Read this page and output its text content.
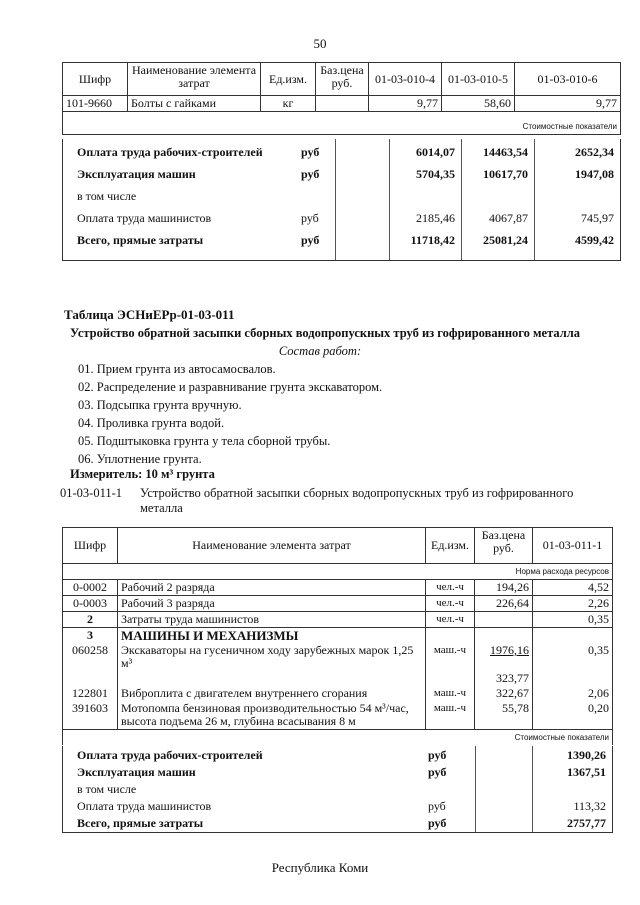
50
Шифр	Наименование элемента затрат	Ед.изм.	Баз.цена руб.	01-03-010-4	01-03-010-5	01-03-010-6
101-9660	Болты с гайками	кг		9,77	58,60	9,77
Стоимостные показатели						
Оплата труда рабочих-строителей	руб	6014,07 14463,54	2652,34
Эксплуатация машин	руб	5704,35 10617,70	1947,08
в том числе
Оплата труда машинистов	руб	2185,46	4067,87	745,97
Всего, прямые затраты	руб	11718,42 25081,24	4599,42
Таблица ЭСНиЕРр-01-03-011
Устройство обратной засыпки сборных водопропускных труб из гофрированного металла
Состав работ:
01. Прием грунта из автосамосвалов.
02. Распределение и разравнивание грунта экскаватором.
03. Подсыпка грунта вручную.
04. Проливка грунта водой.
05. Подштыковка грунта у тела сборной трубы.
06. Уплотнение грунта.
Измеритель: 10 м³ грунта
01-03-011-1 Устройство обратной засыпки сборных водопропускных труб из гофрированного металла
Шифр	Наименование элемента затрат	Ед.изм.	Баз.цена руб.	01-03-011-1
Норма расхода ресурсов				
0-0002	Рабочий 2 разряда	чел.-ч	194,26	4,52
0-0003	Рабочий 3 разряда	чел.-ч	226,64	2,26
2	Затраты труда машинистов	чел.-ч		0,35
3	МАШИНЫ И МЕХАНИЗМЫ			
060258	Экскаваторы на гусеничном ходу зарубежных марок 1,25 м³	маш.-ч	1976,16	0,35
			323,77	
122801	Виброплита с двигателем внутреннего сгорания	маш.-ч	322,67	2,06
391603	Мотопомпа бензиновая производительностью 54 м³/час, высота подъема 26 м, глубина всасывания 8 м	маш.-ч	55,78	0,20
Стоимостные показатели				
Оплата труда рабочих-строителей	руб	1390,26
Эксплуатация машин	руб	1367,51
в том числе
Оплата труда машинистов	руб	113,32
Всего, прямые затраты	руб	2757,77
Республика Коми
